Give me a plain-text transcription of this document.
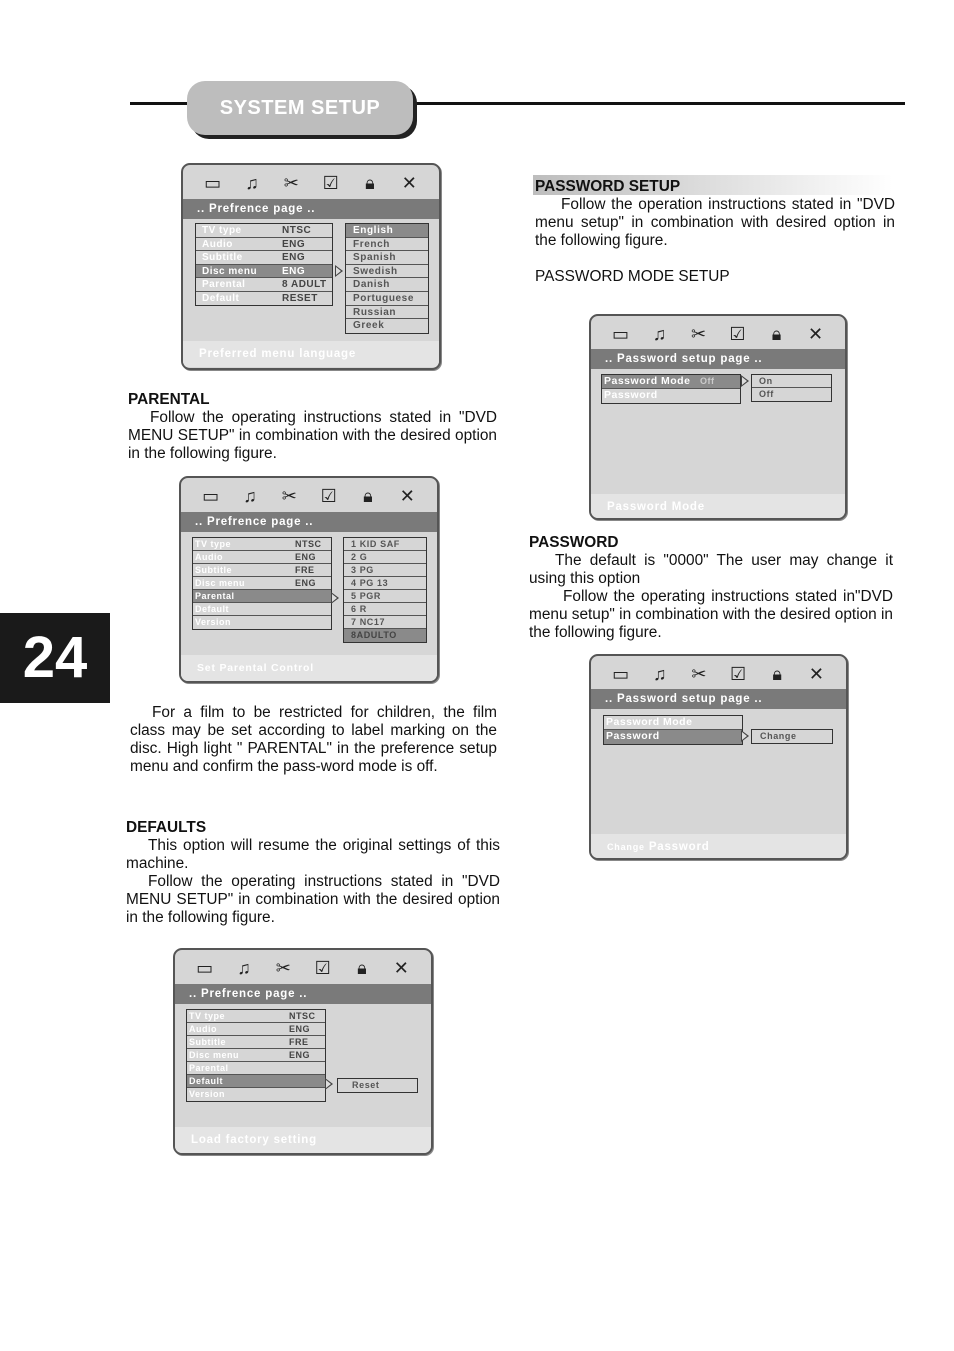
SYSTEM SETUP
24
▭ ♫ ✂ ☑	🔒︎	✕
.. Prefrence page ..
TV type	NTSC
Audio	ENG
Subtitle	ENG
Disc menu ENG
Parental	8 ADULT
Default	RESET
English
French
Spanish
Swedish
Danish
Portuguese
Russian
Greek
Preferred menu language
PARENTAL

Follow the operating instructions stated in "DVD MENU SETUP" in combination with the desired option in the following figure.

▭ ♫ ✂ ☑	🔒︎	✕
.. Prefrence page ..
TV type	NTSC
Audio	ENG
Subtitle	FRE
Disc menu	ENG
Parental
Default
Version
1 KID SAF
2 G
3 PG
4 PG 13
5 PGR
6 R
7 NC17
8ADULTO
Set Parental Control

For a film to be restricted for children, the film class may be set according to label marking on the disc. High light " PARENTAL" in the preference setup menu and confirm the pass-word mode is off.

DEFAULTS

This option will resume the original settings of this machine.

Follow the operating instructions stated in "DVD MENU SETUP" in combination with the desired option in the following figure.

▭ ♫ ✂ ☑	🔒︎	✕
.. Prefrence page ..
TV type	NTSC
Audio	ENG
Subtitle	FRE
Disc menu	ENG
Parental
Default
Version
Reset
Load factory setting
PASSWORD SETUP

Follow the operation instructions stated in "DVD menu setup" in combination with desired option in the following figure.

PASSWORD MODE SETUP
▭ ♫ ✂ ☑	🔒︎	✕
.. Password setup page ..
Password Mode Off
Password
On
Off
Password Mode
PASSWORD

The default is "0000" The user may change it using this option

Follow the operating instructions stated in"DVD menu setup" in combination with the desired option in the following figure.

▭ ♫ ✂ ☑	🔒︎	✕
.. Password setup page ..
Password Mode
Password	Change
Change Password
